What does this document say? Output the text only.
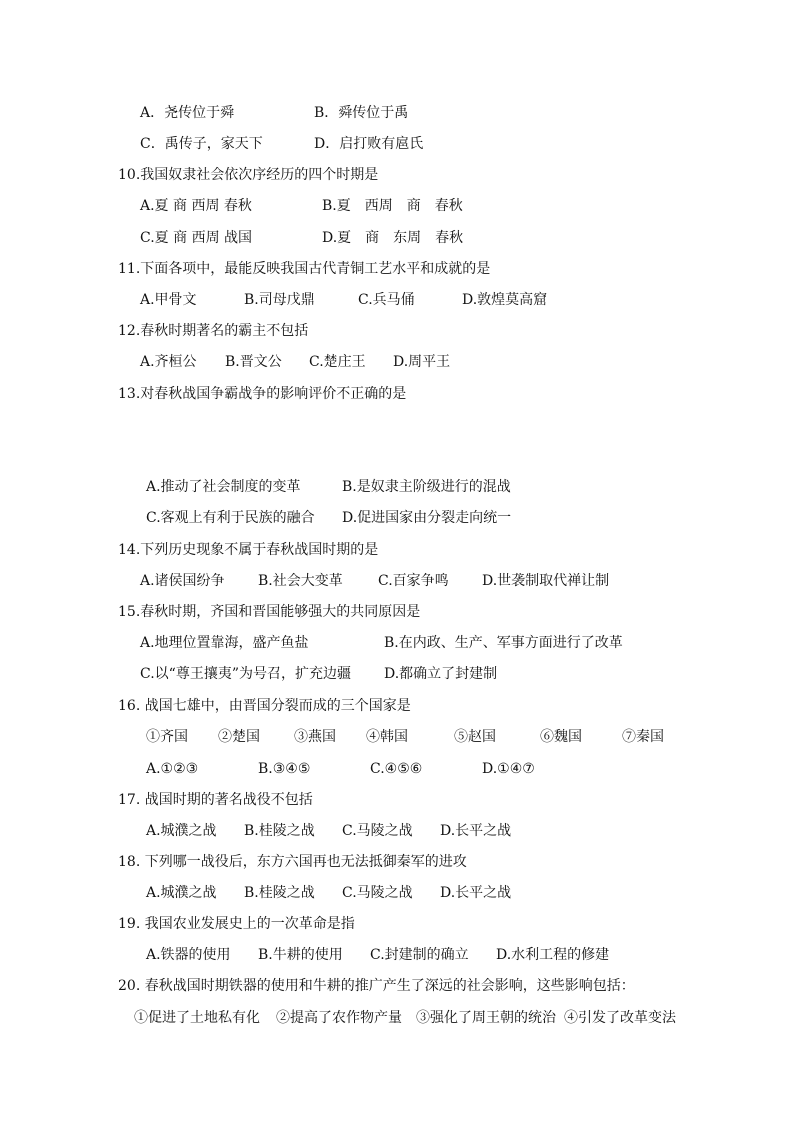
A．尧传位于舜	B．舜传位于禹
C．禹传子，家天下	D．启打败有扈氏
10.我国奴隶社会依次序经历的四个时期是
A.夏 商 西周 春秋	B.夏　西周　商　春秋
C.夏 商 西周 战国	D.夏　商　东周　春秋
11.下面各项中，最能反映我国古代青铜工艺水平和成就的是
A.甲骨文	B.司母戊鼎	C.兵马俑	D.敦煌莫高窟
12.春秋时期著名的霸主不包括
A.齐桓公 B.晋文公 C.楚庄王 D.周平王
13.对春秋战国争霸战争的影响评价不正确的是
A.推动了社会制度的变革	B.是奴隶主阶级进行的混战
C.客观上有利于民族的融合 D.促进国家由分裂走向统一
14.下列历史现象不属于春秋战国时期的是
A.诸侯国纷争 B.社会大变革	C.百家争鸣 D.世袭制取代禅让制
15.春秋时期，齐国和晋国能够强大的共同原因是
A.地理位置靠海，盛产鱼盐	B.在内政、生产、军事方面进行了改革
C.以“尊王攘夷”为号召，扩充边疆 D.都确立了封建制
16. 战国七雄中，由晋国分裂而成的三个国家是
①齐国 ②楚国 ③燕国 ④韩国	⑤赵国	⑥魏国	⑦秦国
A.①②③	B.③④⑤	C.④⑤⑥	D.①④⑦
17. 战国时期的著名战役不包括
A.城濮之战 B.桂陵之战 C.马陵之战 D.长平之战
18. 下列哪一战役后，东方六国再也无法抵御秦军的进攻
A.城濮之战 B.桂陵之战 C.马陵之战 D.长平之战
19. 我国农业发展史上的一次革命是指
A.铁器的使用 B.牛耕的使用 C.封建制的确立 D.水利工程的修建
20. 春秋战国时期铁器的使用和牛耕的推广产生了深远的社会影响，这些影响包括：
①促进了土地私有化 ②提高了农作物产量 ③强化了周王朝的统治 ④引发了改革变法
